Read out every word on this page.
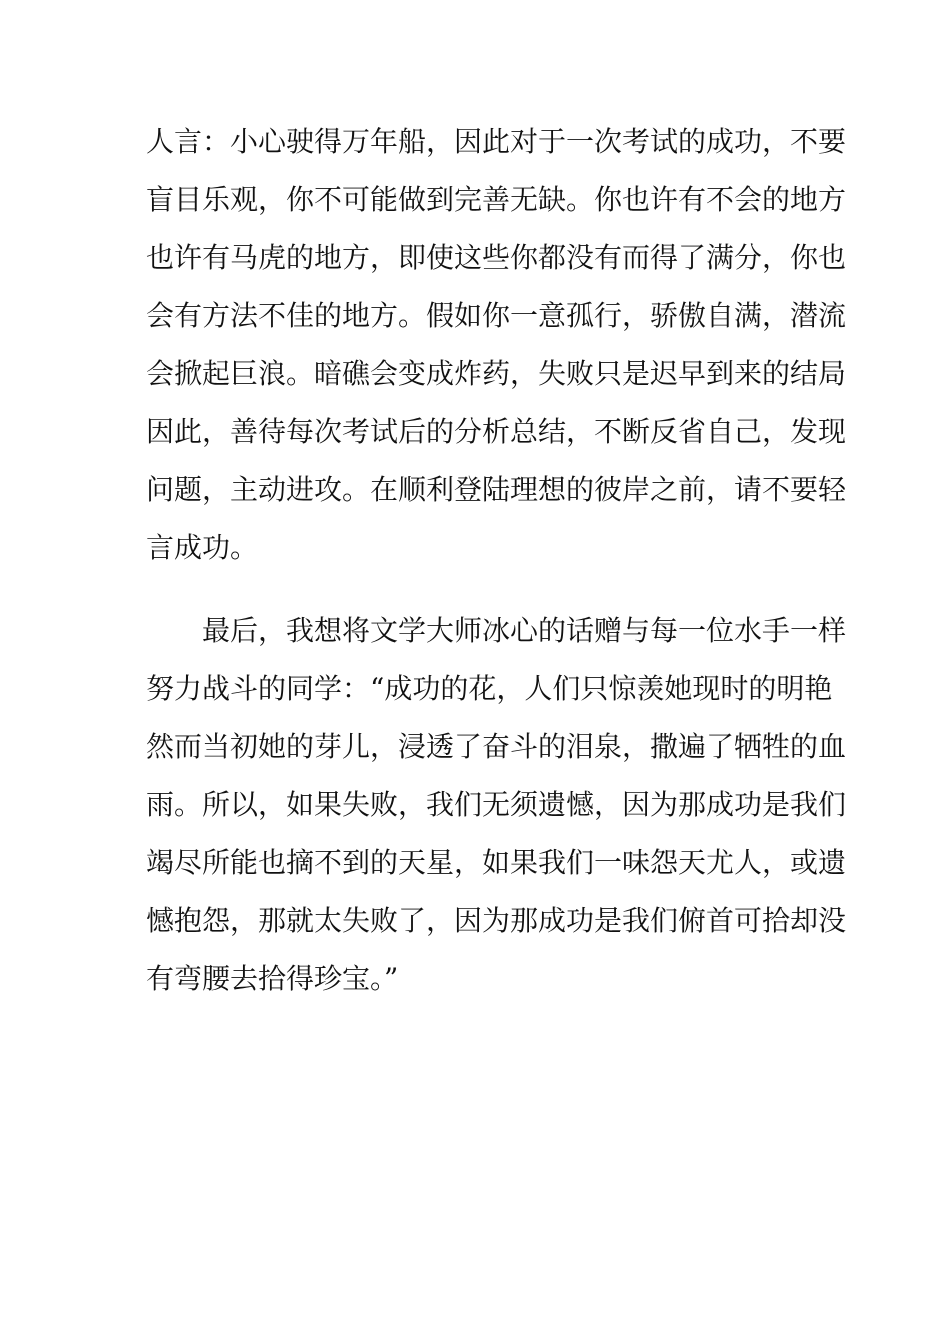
人言：小心驶得万年船，因此对于一次考试的成功，不要
盲目乐观，你不可能做到完善无缺。你也许有不会的地方
也许有马虎的地方，即使这些你都没有而得了满分，你也
会有方法不佳的地方。假如你一意孤行，骄傲自满，潜流
会掀起巨浪。暗礁会变成炸药，失败只是迟早到来的结局
因此，善待每次考试后的分析总结，不断反省自己，发现
问题，主动进攻。在顺利登陆理想的彼岸之前，请不要轻
言成功。
　　最后，我想将文学大师冰心的话赠与每一位水手一样
努力战斗的同学：“成功的花，人们只惊羡她现时的明艳
然而当初她的芽儿，浸透了奋斗的泪泉，撒遍了牺牲的血
雨。所以，如果失败，我们无须遗憾，因为那成功是我们
竭尽所能也摘不到的天星，如果我们一味怨天尤人，或遗
憾抱怨，那就太失败了，因为那成功是我们俯首可拾却没
有弯腰去拾得珍宝。”
